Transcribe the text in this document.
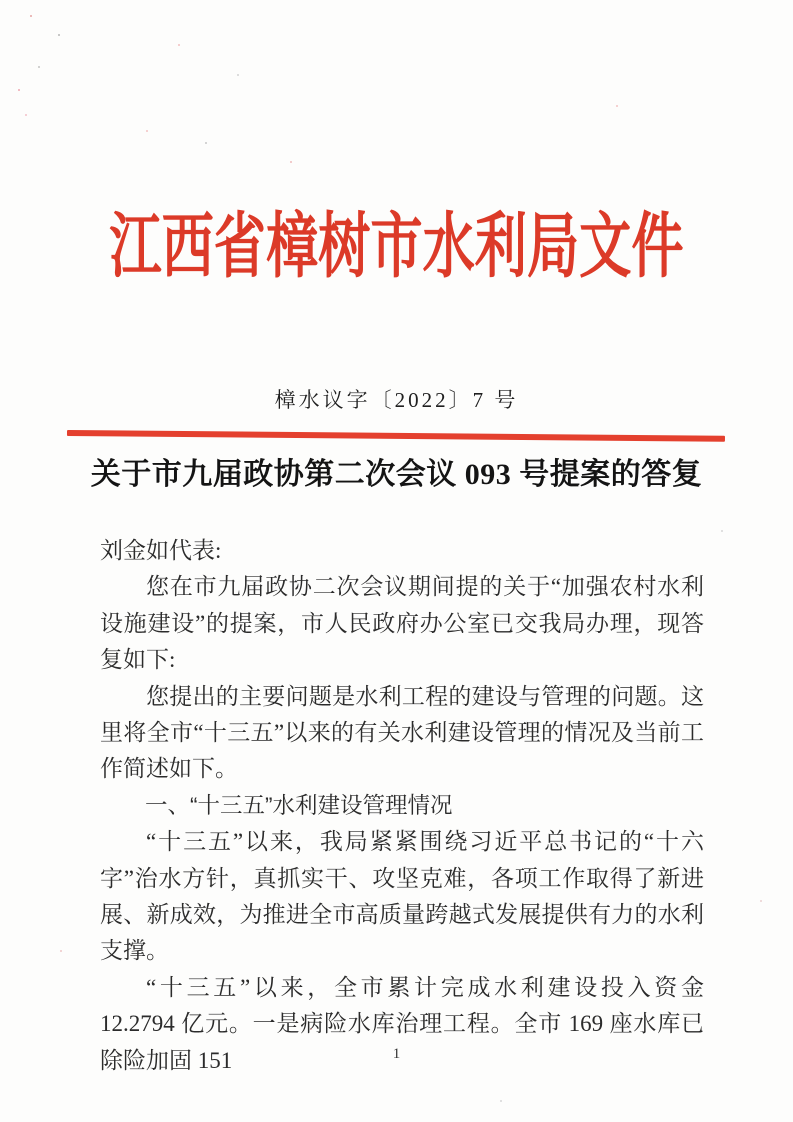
江西省樟树市水利局文件
樟水议字〔2022〕7 号
关于市九届政协第二次会议 093 号提案的答复

刘金如代表:

您在市九届政协二次会议期间提的关于“加强农村水利设施建设”的提案，市人民政府办公室已交我局办理，现答复如下:

您提出的主要问题是水利工程的建设与管理的问题。这里将全市“十三五”以来的有关水利建设管理的情况及当前工作简述如下。

一、“十三五”水利建设管理情况

“十三五”以来，我局紧紧围绕习近平总书记的“十六字”治水方针，真抓实干、攻坚克难，各项工作取得了新进展、新成效，为推进全市高质量跨越式发展提供有力的水利支撑。

“十三五”以来，全市累计完成水利建设投入资金 12.2794 亿元。一是病险水库治理工程。全市 169 座水库已除险加固 151	1
